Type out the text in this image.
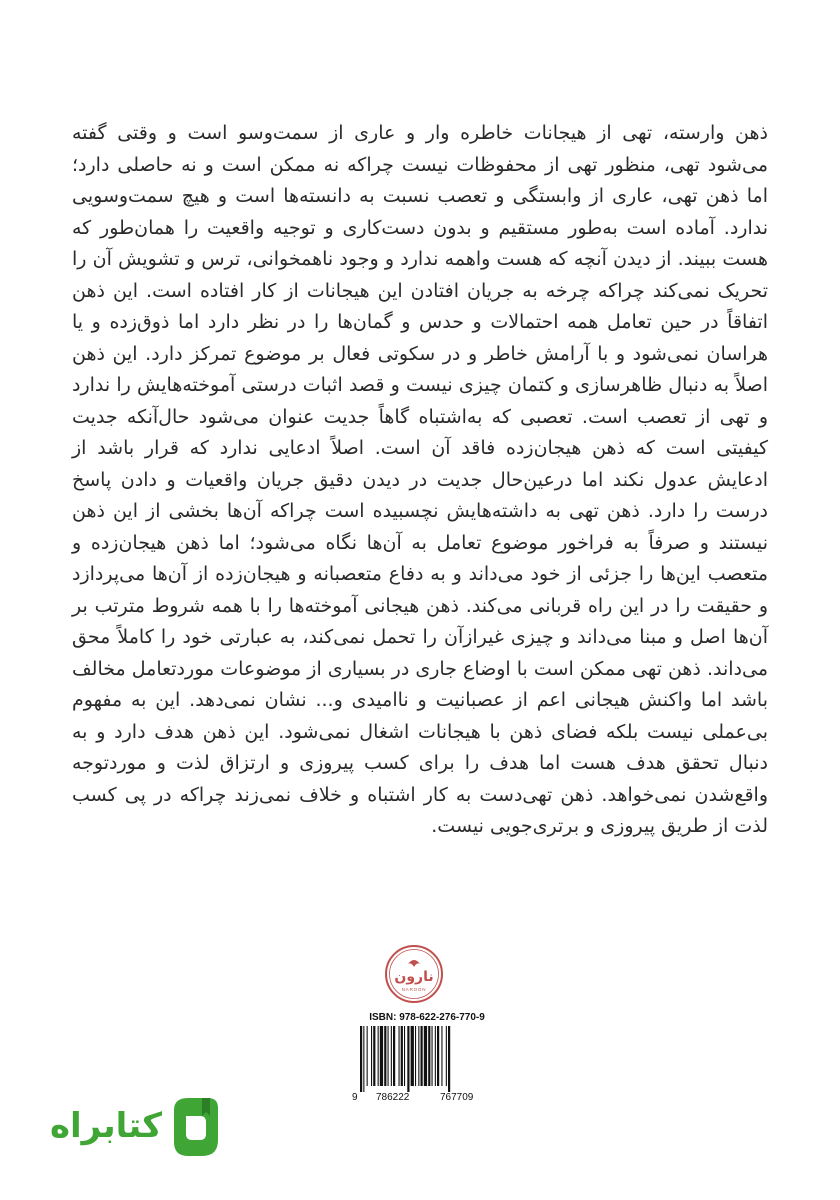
ذهن وارسته، تهی از هیجانات خاطره وار و عاری از سمت‌وسو است و وقتی گفته می‌شود تهی، منظور تهی از محفوظات نیست چراکه نه ممکن است و نه حاصلی دارد؛ اما ذهن تهی، عاری از وابستگی و تعصب نسبت به دانسته‌ها است و هیچ سمت‌وسویی ندارد. آماده است به‌طور مستقیم و بدون دست‌کاری و توجیه واقعیت را همان‌طور که هست ببیند. از دیدن آنچه که هست واهمه ندارد و وجود ناهمخوانی، ترس و تشویش آن را تحریک نمی‌کند چراکه چرخه به جریان افتادن این هیجانات از کار افتاده است. این ذهن اتفاقاً در حین تعامل همه احتمالات و حدس و گمان‌ها را در نظر دارد اما ذوق‌زده و یا هراسان نمی‌شود و با آرامش خاطر و در سکوتی فعال بر موضوع تمرکز دارد. این ذهن اصلاً به دنبال ظاهرسازی و کتمان چیزی نیست و قصد اثبات درستی آموخته‌هایش را ندارد و تهی از تعصب است. تعصبی که به‌اشتباه گاهاً جدیت عنوان می‌شود حال‌آنکه جدیت کیفیتی است که ذهن هیجان‌زده فاقد آن است. اصلاً ادعایی ندارد که قرار باشد از ادعایش عدول نکند اما درعین‌حال جدیت در دیدن دقیق جریان واقعیات و دادن پاسخ درست را دارد. ذهن تهی به داشته‌هایش نچسبیده است چراکه آن‌ها بخشی از این ذهن نیستند و صرفاً به فراخور موضوع تعامل به آن‌ها نگاه می‌شود؛ اما ذهن هیجان‌زده و متعصب این‌ها را جزئی از خود می‌داند و به دفاع متعصبانه و هیجان‌زده از آن‌ها می‌پردازد و حقیقت را در این راه قربانی می‌کند. ذهن هیجانی آموخته‌ها را با همه شروط مترتب بر آن‌ها اصل و مبنا می‌داند و چیزی غیرازآن را تحمل نمی‌کند، به عبارتی خود را کاملاً محق می‌داند. ذهن تهی ممکن است با اوضاع جاری در بسیاری از موضوعات موردتعامل مخالف باشد اما واکنش هیجانی اعم از عصبانیت و ناامیدی و... نشان نمی‌دهد. این به مفهوم بی‌عملی نیست بلکه فضای ذهن با هیجانات اشغال نمی‌شود. این ذهن هدف دارد و به دنبال تحقق هدف هست اما هدف را برای کسب پیروزی و ارتزاق لذت و موردتوجه واقع‌شدن نمی‌خواهد. ذهن تهی‌دست به کار اشتباه و خلاف نمی‌زند چراکه در پی کسب لذت از طریق پیروزی و برتری‌جویی نیست.

نارون
NAROON
ISBN: 978-622-276-770-9
9 786222	767709
کتابراه
